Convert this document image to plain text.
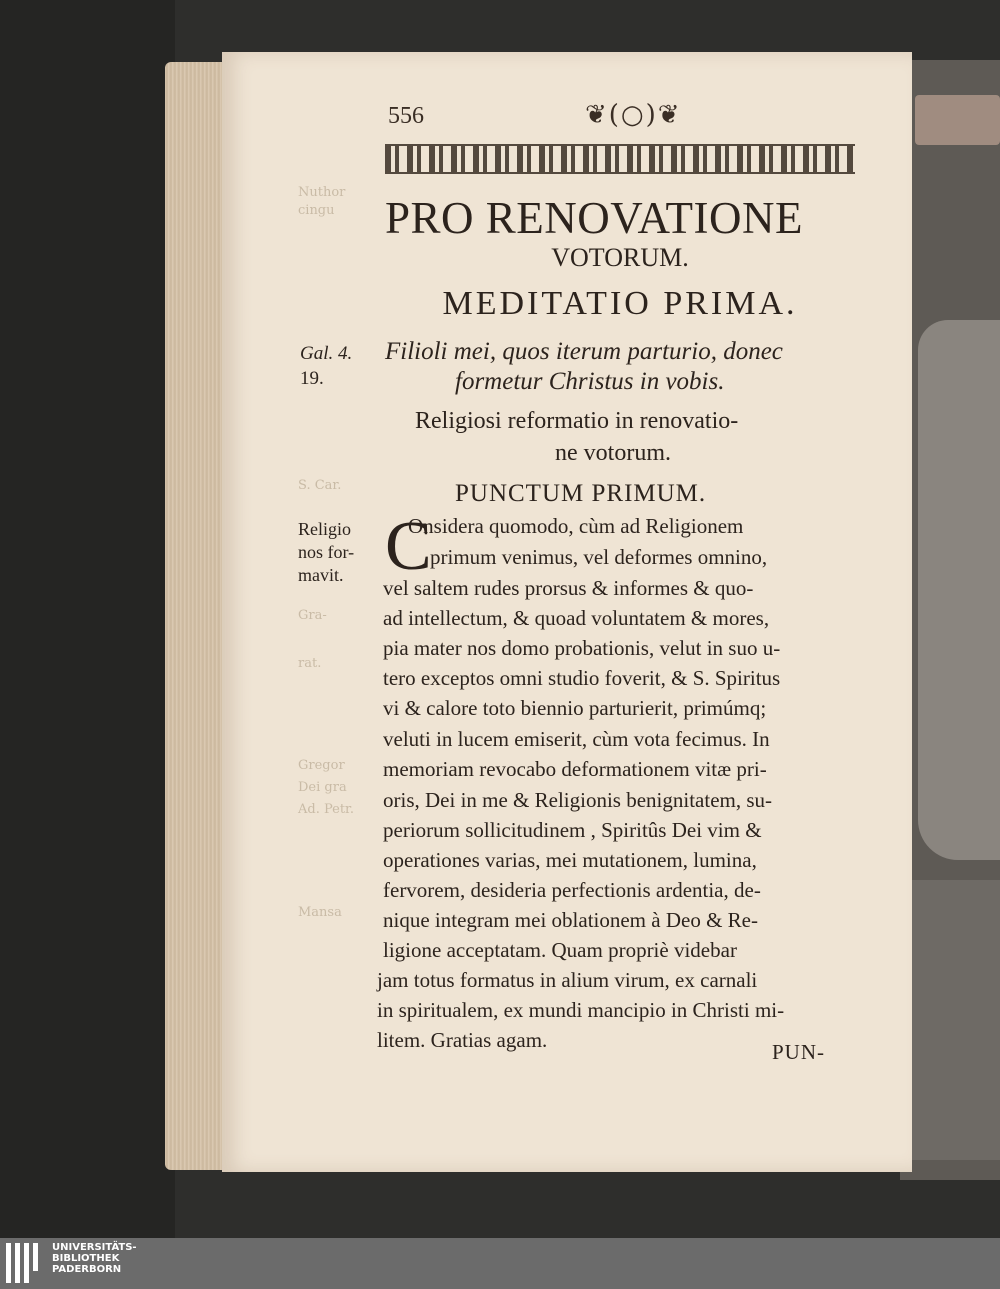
Nuthor
cingu
S. Car.
Gra-
rat.
Gregor
Dei gra
Ad. Petr.
Mansa
556	❦(○)❦
PRO RENOVATIONE
VOTORUM.
MEDITATIO PRIMA.
Gal. 4.
19.
Filioli mei, quos iterum parturio, donec
formetur Christus in vobis.
Religiosi reformatio in renovatio-
ne votorum.
PUNCTUM PRIMUM.
Religio
nos for-
mavit. C
Onsidera quomodo, cùm ad Religionem
primum venimus, vel deformes omnino,
vel saltem rudes prorsus & informes & quo-
ad intellectum, & quoad voluntatem & mores,
pia mater nos domo probationis, velut in suo u-
tero exceptos omni studio foverit, & S. Spiritus
vi & calore toto biennio parturierit, primúmq;
veluti in lucem emiserit, cùm vota fecimus. In
memoriam revocabo deformationem vitæ pri-
oris, Dei in me & Religionis benignitatem, su-
periorum sollicitudinem , Spiritûs Dei vim &
operationes varias, mei mutationem, lumina,
fervorem, desideria perfectionis ardentia, de-
nique integram mei oblationem à Deo & Re-
ligione acceptatam. Quam propriè videbar
jam totus formatus in alium virum, ex carnali
in spiritualem, ex mundi mancipio in Christi mi-
litem. Gratias agam.	PUN-
UNIVERSITÄTS-
BIBLIOTHEK
PADERBORN
